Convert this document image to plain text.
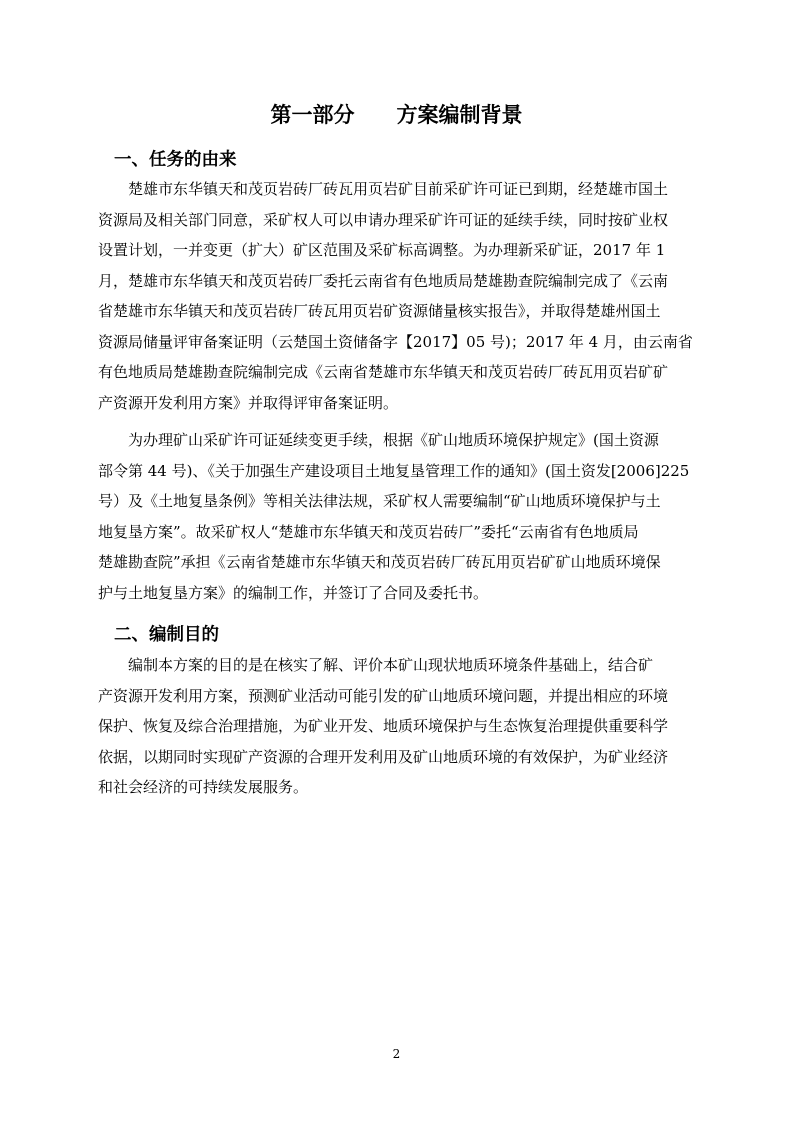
第一部分　　方案编制背景
一、任务的由来
楚雄市东华镇天和茂页岩砖厂砖瓦用页岩矿目前采矿许可证已到期，经楚雄市国土
资源局及相关部门同意，采矿权人可以申请办理采矿许可证的延续手续，同时按矿业权
设置计划，一并变更（扩大）矿区范围及采矿标高调整。为办理新采矿证，2017 年 1
月，楚雄市东华镇天和茂页岩砖厂委托云南省有色地质局楚雄勘查院编制完成了《云南
省楚雄市东华镇天和茂页岩砖厂砖瓦用页岩矿资源储量核实报告》，并取得楚雄州国土
资源局储量评审备案证明（云楚国土资储备字【2017】05 号)；2017 年 4 月，由云南省
有色地质局楚雄勘查院编制完成《云南省楚雄市东华镇天和茂页岩砖厂砖瓦用页岩矿矿
产资源开发利用方案》并取得评审备案证明。
为办理矿山采矿许可证延续变更手续，根据《矿山地质环境保护规定》(国土资源
部令第 44 号)、《关于加强生产建设项目土地复垦管理工作的通知》(国土资发[2006]225
号）及《土地复垦条例》等相关法律法规，采矿权人需要编制“矿山地质环境保护与土
地复垦方案”。故采矿权人“楚雄市东华镇天和茂页岩砖厂”委托“云南省有色地质局
楚雄勘查院”承担《云南省楚雄市东华镇天和茂页岩砖厂砖瓦用页岩矿矿山地质环境保
护与土地复垦方案》的编制工作，并签订了合同及委托书。
二、编制目的
编制本方案的目的是在核实了解、评价本矿山现状地质环境条件基础上，结合矿
产资源开发利用方案，预测矿业活动可能引发的矿山地质环境问题，并提出相应的环境
保护、恢复及综合治理措施，为矿业开发、地质环境保护与生态恢复治理提供重要科学
依据，以期同时实现矿产资源的合理开发利用及矿山地质环境的有效保护，为矿业经济
和社会经济的可持续发展服务。
2
